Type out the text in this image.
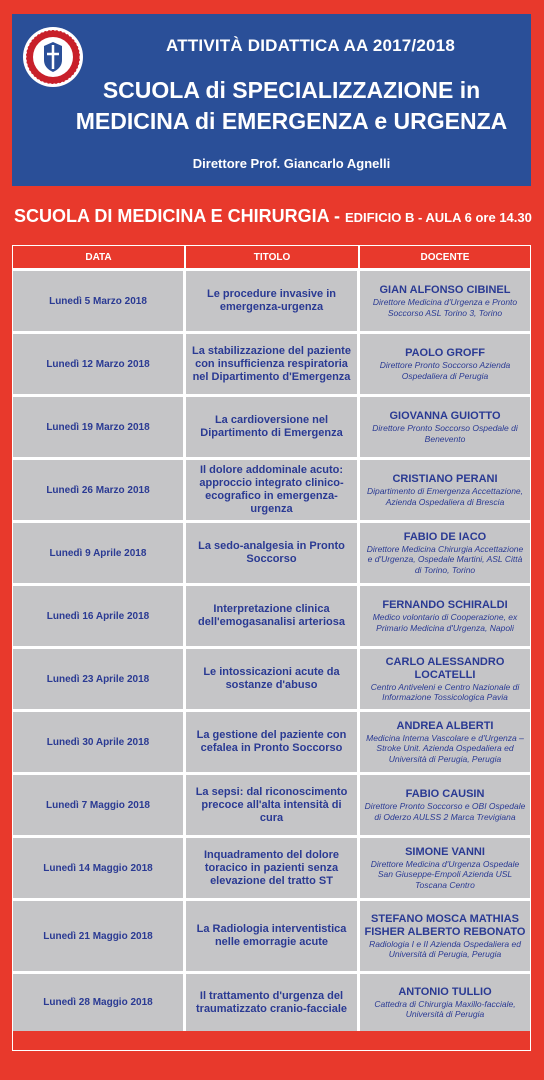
ATTIVITÀ DIDATTICA AA 2017/2018
SCUOLA di SPECIALIZZAZIONE in
MEDICINA di EMERGENZA e URGENZA
Direttore Prof. Giancarlo Agnelli
SCUOLA DI MEDICINA E CHIRURGIA - EDIFICIO B - AULA 6 ore 14.30
DATA	TITOLO	DOCENTE
Lunedì 5 Marzo 2018
Le procedure invasive in emergenza-urgenza
GIAN ALFONSO CIBINEL
Direttore Medicina d'Urgenza e Pronto Soccorso ASL Torino 3, Torino
Lunedì 12 Marzo 2018
La stabilizzazione del paziente con insufficienza respiratoria nel Dipartimento d'Emergenza
PAOLO GROFF
Direttore Pronto Soccorso Azienda Ospedaliera di Perugia
Lunedì 19 Marzo 2018
La cardioversione nel Dipartimento di Emergenza
GIOVANNA GUIOTTO
Direttore Pronto Soccorso Ospedale di Benevento
Lunedì 26 Marzo 2018
Il dolore addominale acuto: approccio integrato clinico-ecografico in emergenza-urgenza
CRISTIANO PERANI
Dipartimento di Emergenza Accettazione, Azienda Ospedaliera di Brescia
Lunedì 9 Aprile 2018
La sedo-analgesia in Pronto Soccorso
FABIO DE IACO
Direttore Medicina Chirurgia Accettazione e d'Urgenza, Ospedale Martini, ASL Città di Torino, Torino
Lunedì 16 Aprile 2018
Interpretazione clinica dell'emogasanalisi arteriosa
FERNANDO SCHIRALDI
Medico volontario di Cooperazione, ex Primario Medicina d'Urgenza, Napoli
Lunedì 23 Aprile 2018
Le intossicazioni acute da sostanze d'abuso
CARLO ALESSANDRO LOCATELLI
Centro Antiveleni e Centro Nazionale di Informazione Tossicologica Pavia
Lunedì 30 Aprile 2018
La gestione del paziente con cefalea in Pronto Soccorso
ANDREA ALBERTI
Medicina Interna Vascolare e d'Urgenza – Stroke Unit. Azienda Ospedaliera ed Università di Perugia, Perugia
Lunedì 7 Maggio 2018
La sepsi: dal riconoscimento precoce all'alta intensità di cura
FABIO CAUSIN
Direttore Pronto Soccorso e OBI Ospedale di Oderzo AULSS 2 Marca Trevigiana
Lunedì 14 Maggio 2018
Inquadramento del dolore toracico in pazienti senza elevazione del tratto ST
SIMONE VANNI
Direttore Medicina d'Urgenza Ospedale San Giuseppe-Empoli Azienda USL Toscana Centro
Lunedì 21 Maggio 2018
La Radiologia interventistica nelle emorragie acute
STEFANO MOSCA MATHIAS FISHER ALBERTO REBONATO
Radiologia I e II Azienda Ospedaliera ed Università di Perugia, Perugia
Lunedì 28 Maggio 2018
Il trattamento d'urgenza del traumatizzato cranio-facciale
ANTONIO TULLIO
Cattedra di Chirurgia Maxillo-facciale, Università di Perugia
